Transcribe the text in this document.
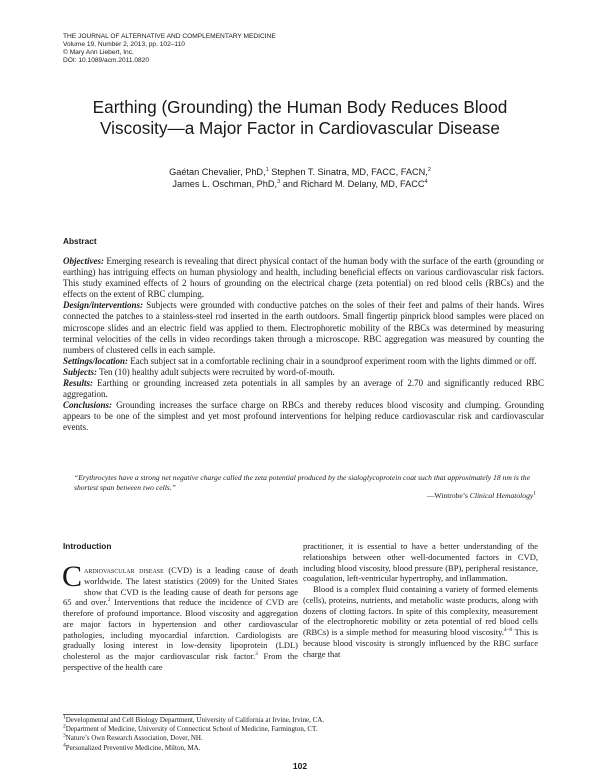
THE JOURNAL OF ALTERNATIVE AND COMPLEMENTARY MEDICINE
Volume 19, Number 2, 2013, pp. 102–110
© Mary Ann Liebert, Inc.
DOI: 10.1089/acm.2011.0820
Earthing (Grounding) the Human Body Reduces Blood
Viscosity—a Major Factor in Cardiovascular Disease
Gaétan Chevalier, PhD,$^1$ Stephen T. Sinatra, MD, FACC, FACN,$^2$
James L. Oschman, PhD,$^3$ and Richard M. Delany, MD, FACC$^4$
Abstract

Objectives: Emerging research is revealing that direct physical contact of the human body with the surface of the earth (grounding or earthing) has intriguing effects on human physiology and health, including beneficial effects on various cardiovascular risk factors. This study examined effects of 2 hours of grounding on the electrical charge (zeta potential) on red blood cells (RBCs) and the effects on the extent of RBC clumping.

Design/interventions: Subjects were grounded with conductive patches on the soles of their feet and palms of their hands. Wires connected the patches to a stainless-steel rod inserted in the earth outdoors. Small fingertip pinprick blood samples were placed on microscope slides and an electric field was applied to them. Electrophoretic mobility of the RBCs was determined by measuring terminal velocities of the cells in video recordings taken through a microscope. RBC aggregation was measured by counting the numbers of clustered cells in each sample.

Settings/location: Each subject sat in a comfortable reclining chair in a soundproof experiment room with the lights dimmed or off.

Subjects: Ten (10) healthy adult subjects were recruited by word-of-mouth.

Results: Earthing or grounding increased zeta potentials in all samples by an average of 2.70 and significantly reduced RBC aggregation.

Conclusions: Grounding increases the surface charge on RBCs and thereby reduces blood viscosity and clumping. Grounding appears to be one of the simplest and yet most profound interventions for helping reduce cardiovascular risk and cardiovascular events.

“Erythrocytes have a strong net negative charge called the zeta potential produced by the sialoglycoprotein coat such that approximately 18 nm is the shortest span between two cells.”
—Wintrobe’s Clinical Hematology$^1$
Introduction

Cardiovascular disease (CVD) is a leading cause of death worldwide. The latest statistics (2009) for the United States show that CVD is the leading cause of death for persons age 65 and over.$^2$ Interventions that reduce the incidence of CVD are therefore of profound importance. Blood viscosity and aggregation are major factors in hypertension and other cardiovascular pathologies, including myocardial infarction. Cardiologists are gradually losing interest in low-density lipoprotein (LDL) cholesterol as the major cardiovascular risk factor.$^3$ From the perspective of the health care

practitioner, it is essential to have a better understanding of the relationships between other well-documented factors in CVD, including blood viscosity, blood pressure (BP), peripheral resistance, coagulation, left-ventricular hypertrophy, and inflammation.

Blood is a complex fluid containing a variety of formed elements (cells), proteins, nutrients, and metabolic waste products, along with dozens of clotting factors. In spite of this complexity, measurement of the electrophoretic mobility or zeta potential of red blood cells (RBCs) is a simple method for measuring blood viscosity.$^{4-8}$ This is because blood viscosity is strongly influenced by the RBC surface charge that

$^1$Developmental and Cell Biology Department, University of California at Irvine, Irvine, CA.
$^2$Department of Medicine, University of Connecticut School of Medicine, Farmington, CT.
$^3$Nature’s Own Research Association, Dover, NH.
$^4$Personalized Preventive Medicine, Milton, MA.
102
